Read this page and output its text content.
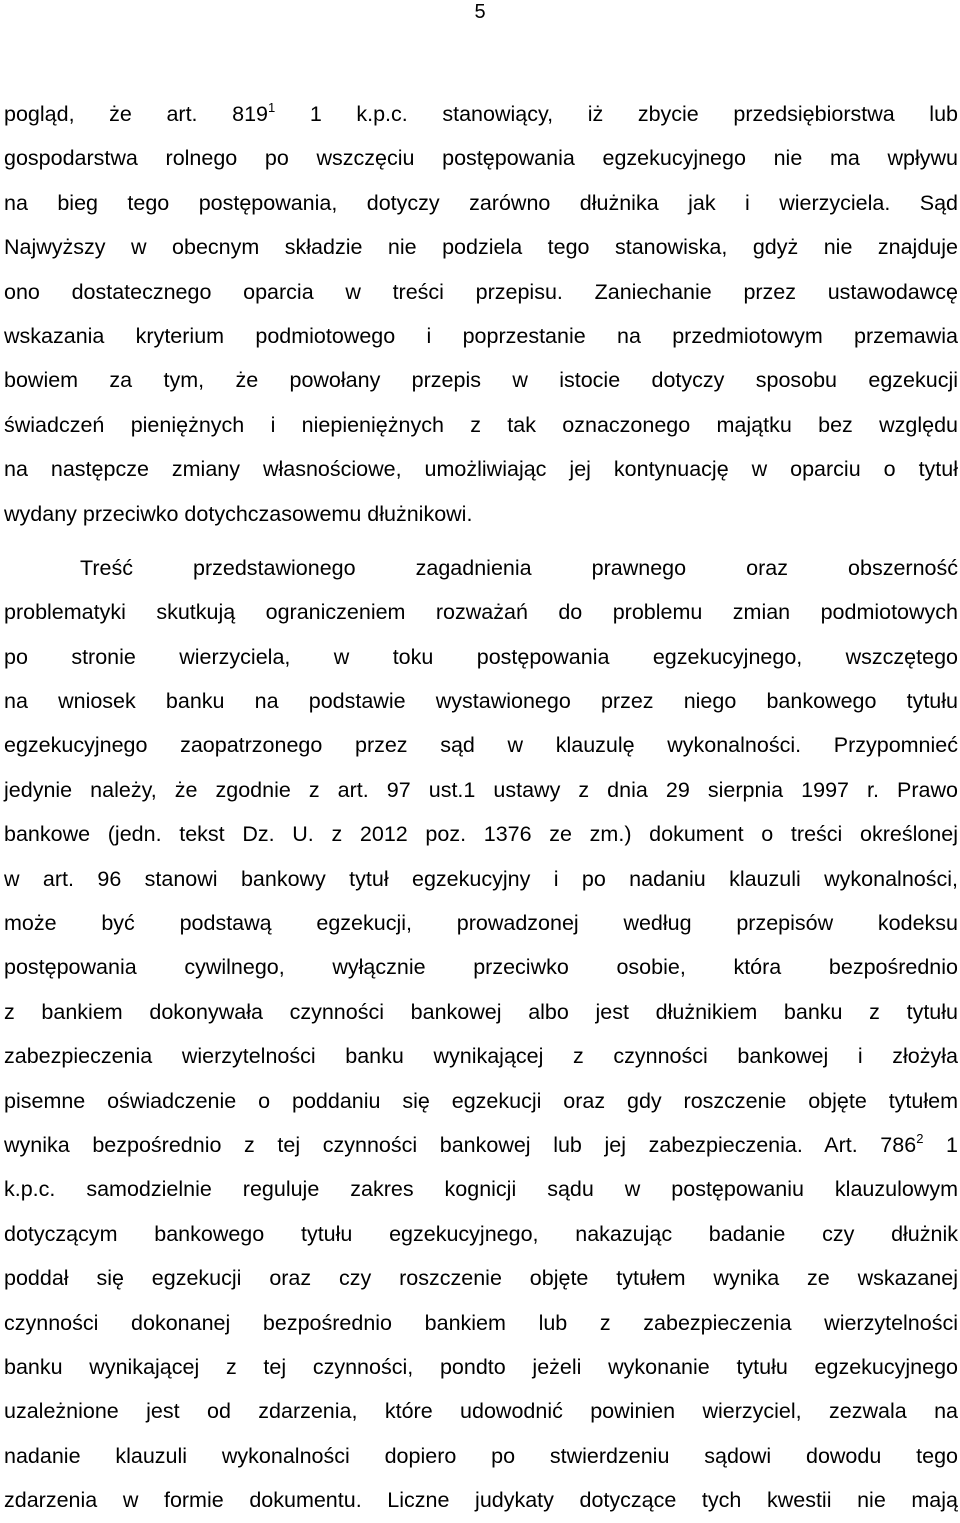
5
pogląd, że art. $819^1$ 1 k.p.c. stanowiący, iż zbycie przedsiębiorstwa lub
gospodarstwa rolnego po wszczęciu postępowania egzekucyjnego nie ma wpływu
na bieg tego postępowania, dotyczy zarówno dłużnika jak i wierzyciela. Sąd
Najwyższy w obecnym składzie nie podziela tego stanowiska, gdyż nie znajduje
ono dostatecznego oparcia w treści przepisu. Zaniechanie przez ustawodawcę
wskazania kryterium podmiotowego i poprzestanie na przedmiotowym przemawia
bowiem za tym, że powołany przepis w istocie dotyczy sposobu egzekucji
świadczeń pieniężnych i niepieniężnych z tak oznaczonego majątku bez względu
na następcze zmiany własnościowe, umożliwiając jej kontynuację w oparciu o tytuł
wydany przeciwko dotychczasowemu dłużnikowi.
Treść przedstawionego zagadnienia prawnego oraz obszerność
problematyki skutkują ograniczeniem rozważań do problemu zmian podmiotowych
po stronie wierzyciela, w toku postępowania egzekucyjnego, wszczętego
na wniosek banku na podstawie wystawionego przez niego bankowego tytułu
egzekucyjnego zaopatrzonego przez sąd w klauzulę wykonalności. Przypomnieć
jedynie należy, że zgodnie z art. 97 ust.1 ustawy z dnia 29 sierpnia 1997 r. Prawo
bankowe (jedn. tekst Dz. U. z 2012 poz. 1376 ze zm.) dokument o treści określonej
w art. 96 stanowi bankowy tytuł egzekucyjny i po nadaniu klauzuli wykonalności,
może być podstawą egzekucji, prowadzonej według przepisów kodeksu
postępowania cywilnego, wyłącznie przeciwko osobie, która bezpośrednio
z bankiem dokonywała czynności bankowej albo jest dłużnikiem banku z tytułu
zabezpieczenia wierzytelności banku wynikającej z czynności bankowej i złożyła
pisemne oświadczenie o poddaniu się egzekucji oraz gdy roszczenie objęte tytułem
wynika bezpośrednio z tej czynności bankowej lub jej zabezpieczenia. Art. $786^2$ 1
k.p.c. samodzielnie reguluje zakres kognicji sądu w postępowaniu klauzulowym
dotyczącym bankowego tytułu egzekucyjnego, nakazując badanie czy dłużnik
poddał się egzekucji oraz czy roszczenie objęte tytułem wynika ze wskazanej
czynności dokonanej bezpośrednio bankiem lub z zabezpieczenia wierzytelności
banku wynikającej z tej czynności, pondto jeżeli wykonanie tytułu egzekucyjnego
uzależnione jest od zdarzenia, które udowodnić powinien wierzyciel, zezwala na
nadanie klauzuli wykonalności dopiero po stwierdzeniu sądowi dowodu tego
zdarzenia w formie dokumentu. Liczne judykaty dotyczące tych kwestii nie mają
